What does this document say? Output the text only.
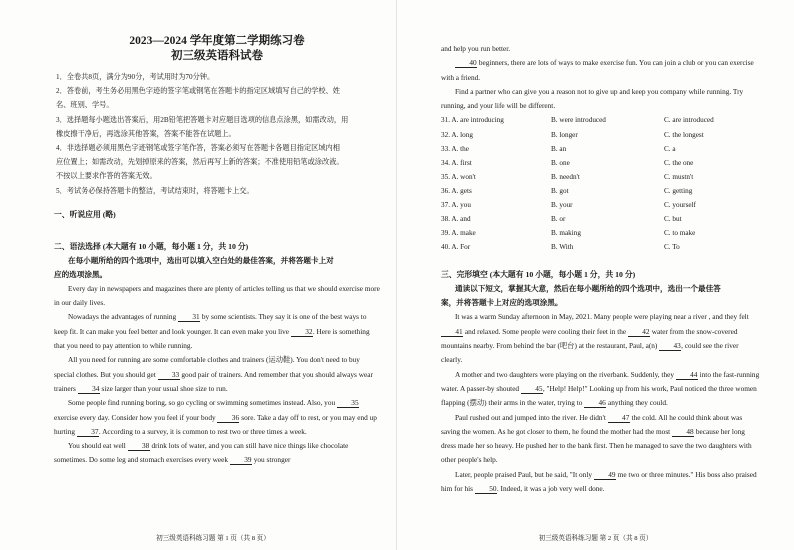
2023—2024 学年度第二学期练习卷

初三级英语科试卷

1．全卷共8页，满分为90分，考试用时为70分钟。

2．答卷前，考生务必用黑色字迹的签字笔或钢笔在答题卡的指定区域填写自己的学校、姓

名、班别、学号。

3．选择题每小题选出答案后，用2B铅笔把答题卡对应题目选项的信息点涂黑，如需改动，用

橡皮擦干净后，再选涂其他答案，答案不能答在试题上。

4．非选择题必须用黑色字迹钢笔或签字笔作答，答案必须写在答题卡各题目指定区域内相

应位置上；如需改动，先划掉原来的答案，然后再写上新的答案；不准使用铅笔或涂改液。

不按以上要求作答的答案无效。

5．考试务必保持答题卡的整洁，考试结束时，将答题卡上交。

一、听说应用 (略)
二、语法选择 (本大题有 10 小题，每小题 1 分，共 10 分)
在每小题所给的四个选项中，选出可以填入空白处的最佳答案，并将答题卡上对
应的选项涂黑。

Every day in newspapers and magazines there are plenty of articles telling us that we should exercise more in our daily lives.

Nowadays the advantages of running 31 by some scientists. They say it is one of the best ways to keep fit. It can make you feel better and look younger. It can even make you live 32. Here is something that you need to pay attention to while running.

All you need for running are some comfortable clothes and trainers (运动鞋). You don't need to buy special clothes. But you should get 33 good pair of trainers. And remember that you should always wear trainers 34 size larger than your usual shoe size to run.

Some people find running boring, so go cycling or swimming sometimes instead. Also, you 35 exercise every day. Consider how you feel if your body 36 sore. Take a day off to rest, or you may end up hurting 37. According to a survey, it is common to rest two or three times a week.

You should eat well 38 drink lots of water, and you can still have nice things like chocolate sometimes. Do some leg and stomach exercises every week 39 you stronger

初三级英语科练习题 第 1 页（共 8 页）

and help you run better.

40 beginners, there are lots of ways to make exercise fun. You can join a club or you can exercise with a friend.

Find a partner who can give you a reason not to give up and keep you company while running. Try running, and your life will be different.

31. A. are introducing	B. were introduced	C. are introduced
32. A. long	B. longer	C. the longest
33. A. the	B. an	C. a
34. A. first	B. one	C. the one
35. A. won't	B. needn't	C. mustn't
36. A. gets	B. got	C. getting
37. A. you	B. your	C. yourself
38. A. and	B. or	C. but
39. A. make	B. making	C. to make
40. A. For	B. With	C. To
三、完形填空 (本大题有 10 小题，每小题 1 分，共 10 分)
通读以下短文，掌握其大意，然后在每小题所给的四个选项中，选出一个最佳答
案，并将答题卡上对应的选项涂黑。

It was a warm Sunday afternoon in May, 2021. Many people were playing near a river , and they felt 41 and relaxed. Some people were cooling their feet in the 42 water from the snow-covered mountains nearby. From behind the bar (吧台) at the restaurant, Paul, a(n) 43, could see the river clearly.

A mother and two daughters were playing on the riverbank. Suddenly, they 44 into the fast-running water. A passer-by shouted 45, "Help! Help!" Looking up from his work, Paul noticed the three women flapping (摆动) their arms in the water, trying to 46 anything they could.

Paul rushed out and jumped into the river. He didn't 47 the cold. All he could think about was saving the women. As he got closer to them, he found the mother had the most 48 because her long dress made her so heavy. He pushed her to the bank first. Then he managed to save the two daughters with other people's help.

Later, people praised Paul, but he said, "It only 49 me two or three minutes." His boss also praised him for his 50. Indeed, it was a job very well done.

初三级英语科练习题 第 2 页（共 8 页）
